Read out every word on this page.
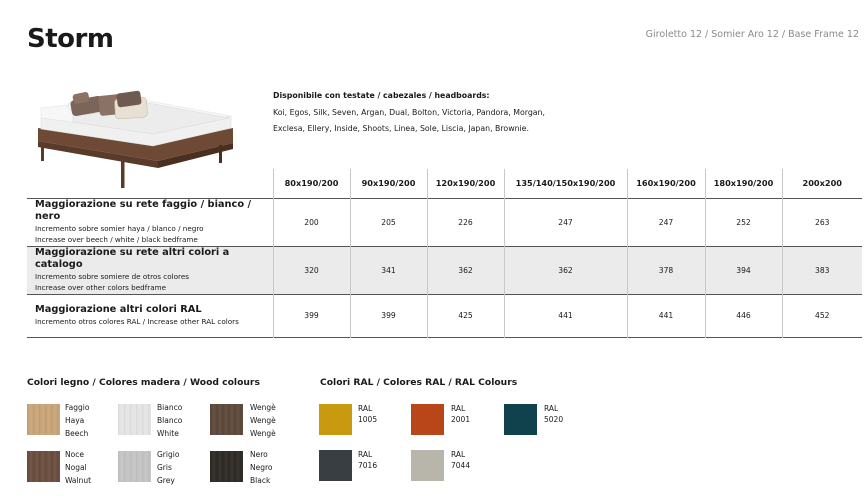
Storm	Giroletto 12 / Somier Aro 12 / Base Frame 12
Disponibile con testate / cabezales / headboards:
Koi, Egos, Silk, Seven, Argan, Dual, Bolton, Victoria, Pandora, Morgan, Exclesa, Ellery, Inside, Shoots, Linea, Sole, Liscia, Japan, Brownie.
	80x190/200	90x190/200	120x190/200	135/140/150x190/200	160x190/200	180x190/200	200x200

Maggiorazione su rete faggio / bianco / nero
Incremento sobre somier haya / blanco / negro
Increase over beech / white / black bedframe	200	205	226	247	247	252	263

Maggiorazione su rete altri colori a catalogo
Incremento sobre somiere de otros colores
Increase over other colors bedframe	320	341	362	362	378	394	383

Maggiorazione altri colori RAL
Incremento otros colores RAL / Increase other RAL colors	399	399	425	441	441	446	452
Colori legno / Colores madera / Wood colours
Faggio
Haya
Beech
Bianco
Blanco
White
Wengè
Wengè
Wengè
Noce
Nogal
Walnut
Grigio
Gris
Grey
Nero
Negro
Black
Colori RAL / Colores RAL / RAL Colours
RAL
1005
RAL
2001
RAL
5020
RAL
7016
RAL
7044
